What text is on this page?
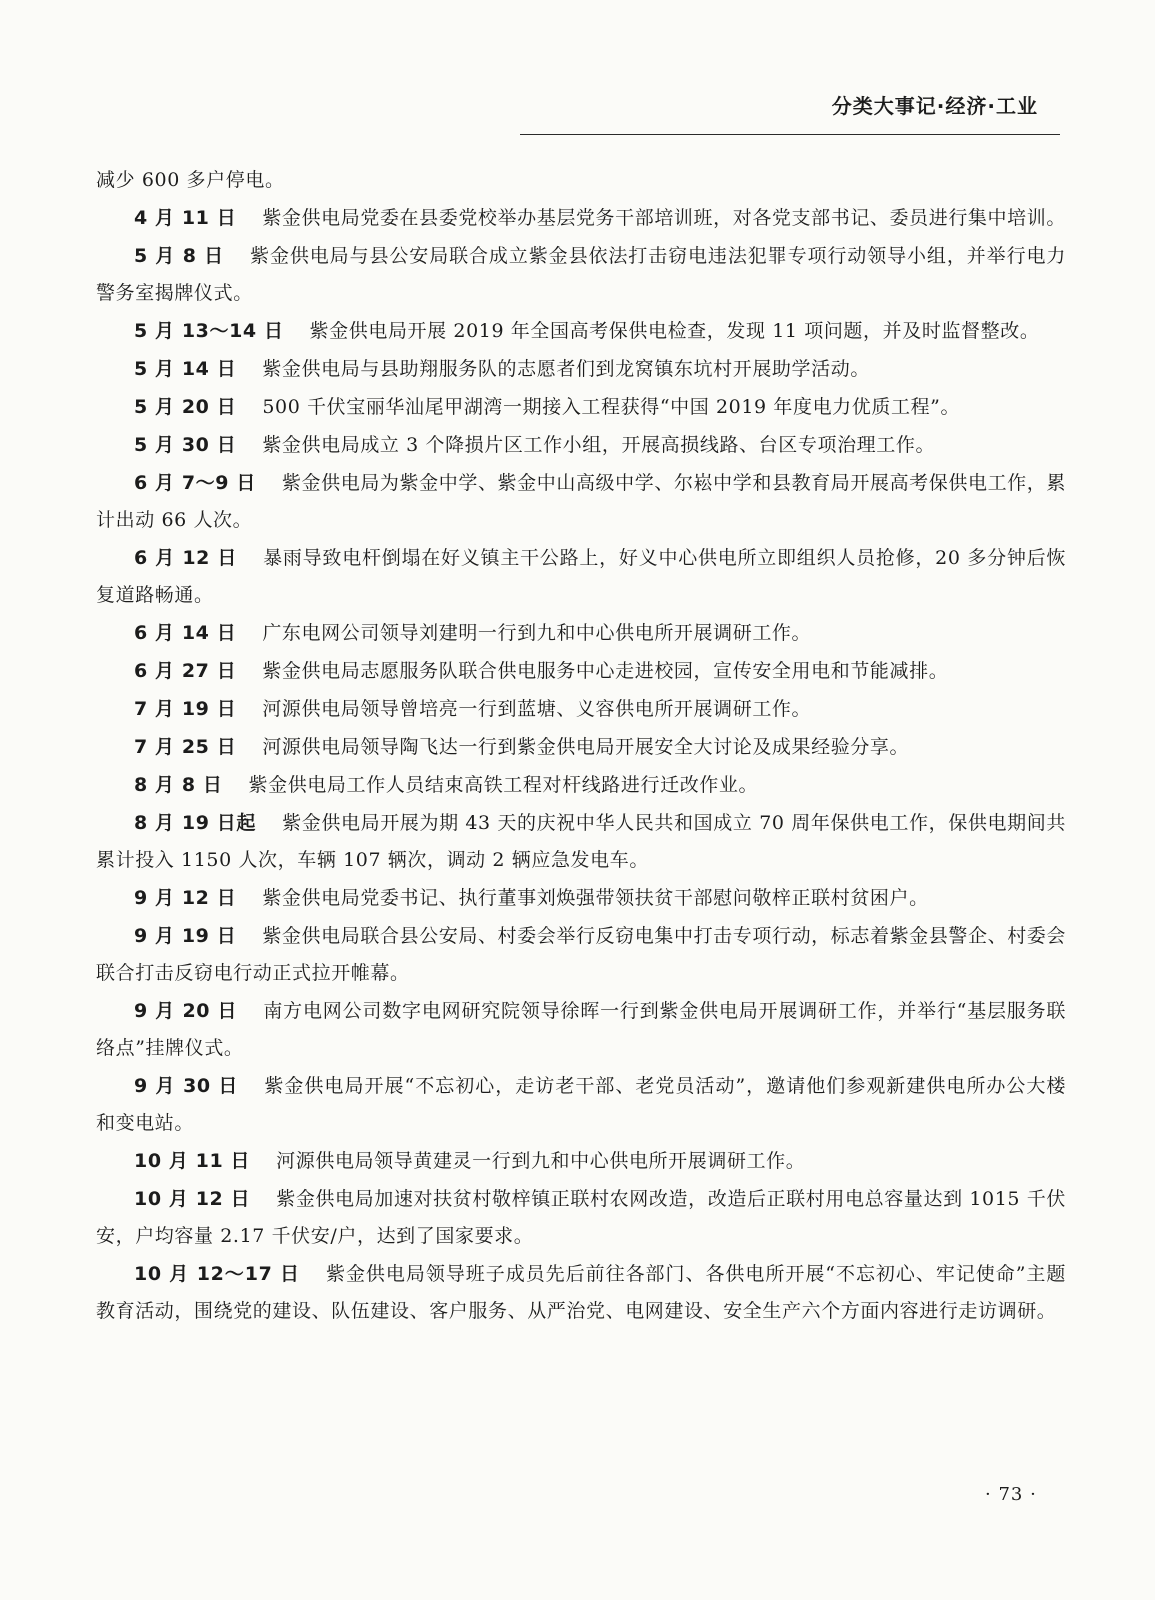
分类大事记·经济·工业

减少 600 多户停电。

4 月 11 日 紫金供电局党委在县委党校举办基层党务干部培训班，对各党支部书记、委员进行集中培训。

5 月 8 日 紫金供电局与县公安局联合成立紫金县依法打击窃电违法犯罪专项行动领导小组，并举行电力警务室揭牌仪式。

5 月 13～14 日 紫金供电局开展 2019 年全国高考保供电检查，发现 11 项问题，并及时监督整改。

5 月 14 日 紫金供电局与县助翔服务队的志愿者们到龙窝镇东坑村开展助学活动。

5 月 20 日 500 千伏宝丽华汕尾甲湖湾一期接入工程获得“中国 2019 年度电力优质工程”。

5 月 30 日 紫金供电局成立 3 个降损片区工作小组，开展高损线路、台区专项治理工作。

6 月 7～9 日 紫金供电局为紫金中学、紫金中山高级中学、尔崧中学和县教育局开展高考保供电工作，累计出动 66 人次。

6 月 12 日 暴雨导致电杆倒塌在好义镇主干公路上，好义中心供电所立即组织人员抢修，20 多分钟后恢复道路畅通。

6 月 14 日 广东电网公司领导刘建明一行到九和中心供电所开展调研工作。

6 月 27 日 紫金供电局志愿服务队联合供电服务中心走进校园，宣传安全用电和节能减排。

7 月 19 日 河源供电局领导曾培亮一行到蓝塘、义容供电所开展调研工作。

7 月 25 日 河源供电局领导陶飞达一行到紫金供电局开展安全大讨论及成果经验分享。

8 月 8 日 紫金供电局工作人员结束高铁工程对杆线路进行迁改作业。

8 月 19 日起 紫金供电局开展为期 43 天的庆祝中华人民共和国成立 70 周年保供电工作，保供电期间共累计投入 1150 人次，车辆 107 辆次，调动 2 辆应急发电车。

9 月 12 日 紫金供电局党委书记、执行董事刘焕强带领扶贫干部慰问敬梓正联村贫困户。

9 月 19 日 紫金供电局联合县公安局、村委会举行反窃电集中打击专项行动，标志着紫金县警企、村委会联合打击反窃电行动正式拉开帷幕。

9 月 20 日 南方电网公司数字电网研究院领导徐晖一行到紫金供电局开展调研工作，并举行“基层服务联络点”挂牌仪式。

9 月 30 日 紫金供电局开展“不忘初心，走访老干部、老党员活动”，邀请他们参观新建供电所办公大楼和变电站。

10 月 11 日 河源供电局领导黄建灵一行到九和中心供电所开展调研工作。

10 月 12 日 紫金供电局加速对扶贫村敬梓镇正联村农网改造，改造后正联村用电总容量达到 1015 千伏安，户均容量 2.17 千伏安/户，达到了国家要求。

10 月 12～17 日 紫金供电局领导班子成员先后前往各部门、各供电所开展“不忘初心、牢记使命”主题教育活动，围绕党的建设、队伍建设、客户服务、从严治党、电网建设、安全生产六个方面内容进行走访调研。

· 73 ·
